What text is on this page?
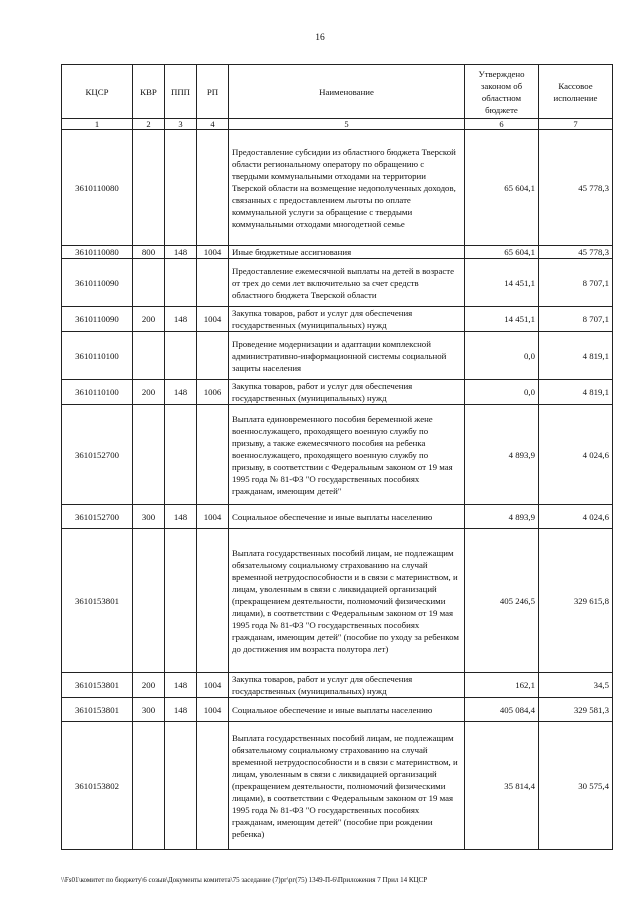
16
КЦСР	КВР	ППП	РП	Наименование	Утверждено законом об областном бюджете	Кассовое исполнение
1	2	3	4	5	6	7
3610110080				Предоставление субсидии из областного бюджета Тверской области региональному оператору по обращению с твердыми коммунальными отходами на территории Тверской области на возмещение недополученных доходов, связанных с предоставлением льготы по оплате коммунальной услуги за обращение с твердыми коммунальными отходами многодетной семье	65 604,1	45 778,3
3610110080	800	148	1004	Иные бюджетные ассигнования	65 604,1	45 778,3
3610110090				Предоставление ежемесячной выплаты на детей в возрасте от трех до семи лет включительно за счет средств областного бюджета Тверской области	14 451,1	8 707,1
3610110090	200	148	1004	Закупка товаров, работ и услуг для обеспечения государственных (муниципальных) нужд	14 451,1	8 707,1
3610110100				Проведение модернизации и адаптации комплексной административно-информационной системы социальной защиты населения	0,0	4 819,1
3610110100	200	148	1006	Закупка товаров, работ и услуг для обеспечения государственных (муниципальных) нужд	0,0	4 819,1
3610152700				Выплата единовременного пособия беременной жене военнослужащего, проходящего военную службу по призыву, а также ежемесячного пособия на ребенка военнослужащего, проходящего военную службу по призыву, в соответствии с Федеральным законом от 19 мая 1995 года № 81-ФЗ "О государственных пособиях гражданам, имеющим детей"	4 893,9	4 024,6
3610152700	300	148	1004	Социальное обеспечение и иные выплаты населению	4 893,9	4 024,6
3610153801				Выплата государственных пособий лицам, не подлежащим обязательному социальному страхованию на случай временной нетрудоспособности и в связи с материнством, и лицам, уволенным в связи с ликвидацией организаций (прекращением деятельности, полномочий физическими лицами), в соответствии с Федеральным законом от 19 мая 1995 года № 81-ФЗ "О государственных пособиях гражданам, имеющим детей" (пособие по уходу за ребенком до достижения им возраста полутора лет)	405 246,5	329 615,8
3610153801	200	148	1004	Закупка товаров, работ и услуг для обеспечения государственных (муниципальных) нужд	162,1	34,5
3610153801	300	148	1004	Социальное обеспечение и иные выплаты населению	405 084,4	329 581,3
3610153802				Выплата государственных пособий лицам, не подлежащим обязательному социальному страхованию на случай временной нетрудоспособности и в связи с материнством, и лицам, уволенным в связи с ликвидацией организаций (прекращением деятельности, полномочий физическими лицами), в соответствии с Федеральным законом от 19 мая 1995 года № 81-ФЗ "О государственных пособиях гражданам, имеющим детей" (пособие при рождении ребенка)	35 814,4	30 575,4
\\Fs01\комитет по бюджету\6 созыв\Документы комитета\75 заседание (7)рг\рг(75) 1349-П-6\Приложения 7 Прил 14 КЦСР
